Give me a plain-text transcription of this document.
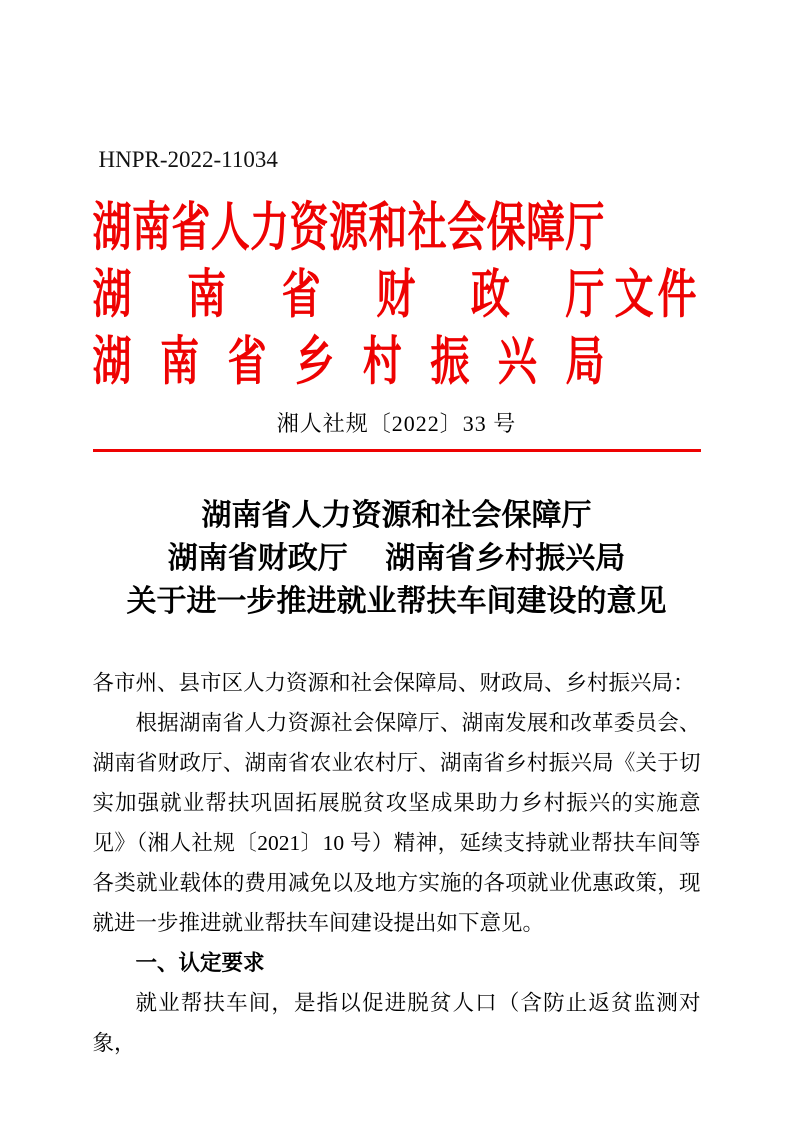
HNPR-2022-11034
湖 南 省 人 力 资 源 和 社 会 保 障 厅
湖 南 省 财 政 厅 文件
湖 南 省 乡 村 振 兴 局
湘人社规〔2022〕33 号
湖南省人力资源和社会保障厅
湖南省财政厅　 湖南省乡村振兴局
关于进一步推进就业帮扶车间建设的意见

各市州、县市区人力资源和社会保障局、财政局、乡村振兴局：

根据湖南省人力资源社会保障厅、湖南发展和改革委员会、湖南省财政厅、湖南省农业农村厅、湖南省乡村振兴局《关于切实加强就业帮扶巩固拓展脱贫攻坚成果助力乡村振兴的实施意见》（湘人社规〔2021〕10 号）精神，延续支持就业帮扶车间等各类就业载体的费用减免以及地方实施的各项就业优惠政策，现就进一步推进就业帮扶车间建设提出如下意见。

一、认定要求

就业帮扶车间，是指以促进脱贫人口（含防止返贫监测对象，
